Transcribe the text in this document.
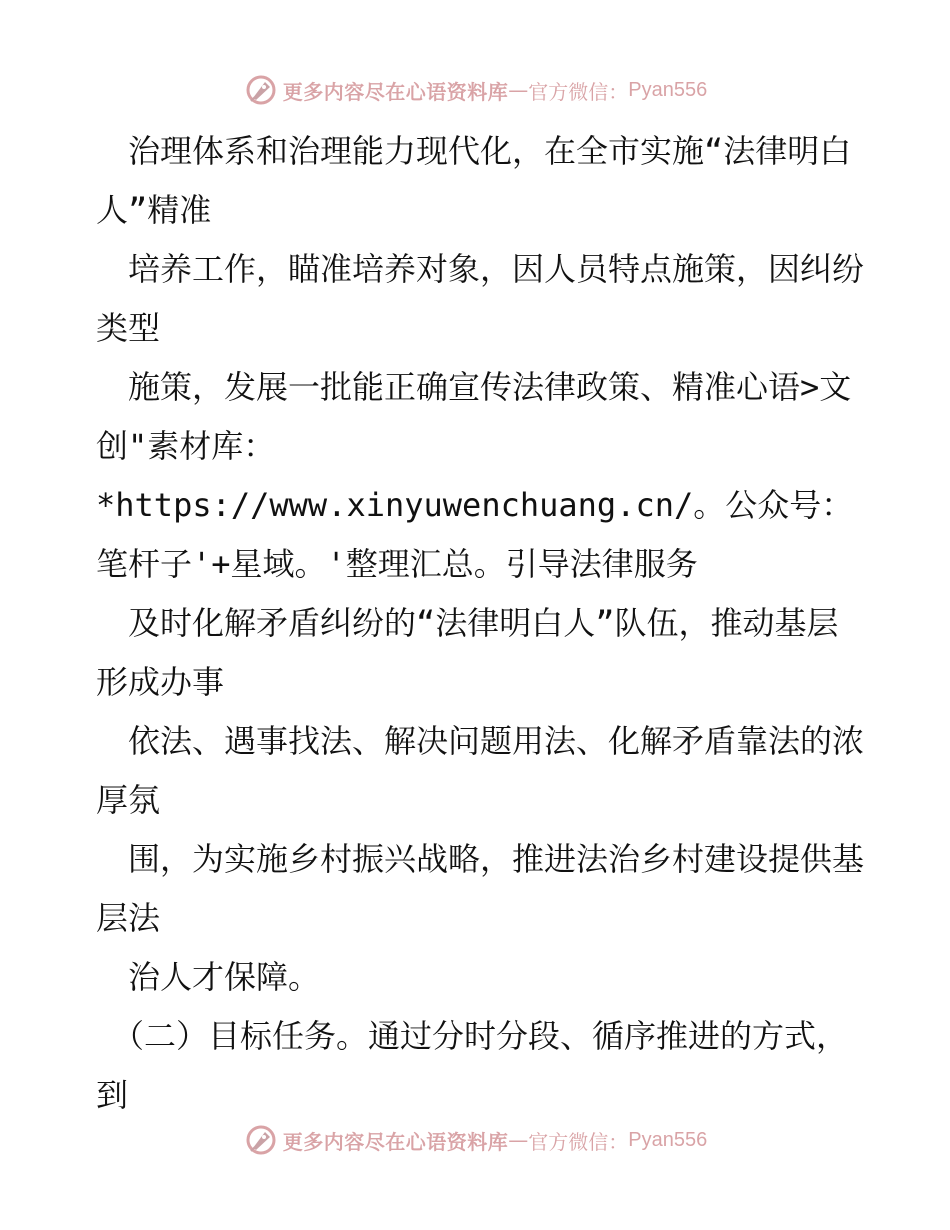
更多内容尽在心语资料库 — 官方微信： Pyan556

　治理体系和治理能力现代化，在全市实施“法律明白人”精准

　培养工作，瞄准培养对象，因人员特点施策，因纠纷类型

　施策，发展一批能正确宣传法律政策、精准心语>文创"素材库：*https://www.xinyuwenchuang.cn/。公众号：笔杆子'+星域。'整理汇总。引导法律服务

　及时化解矛盾纠纷的“法律明白人”队伍，推动基层形成办事

　依法、遇事找法、解决问题用法、化解矛盾靠法的浓厚氛

　围，为实施乡村振兴战略，推进法治乡村建设提供基层法

　治人才保障。

　（二）目标任务。通过分时分段、循序推进的方式，到

更多内容尽在心语资料库 — 官方微信： Pyan556
